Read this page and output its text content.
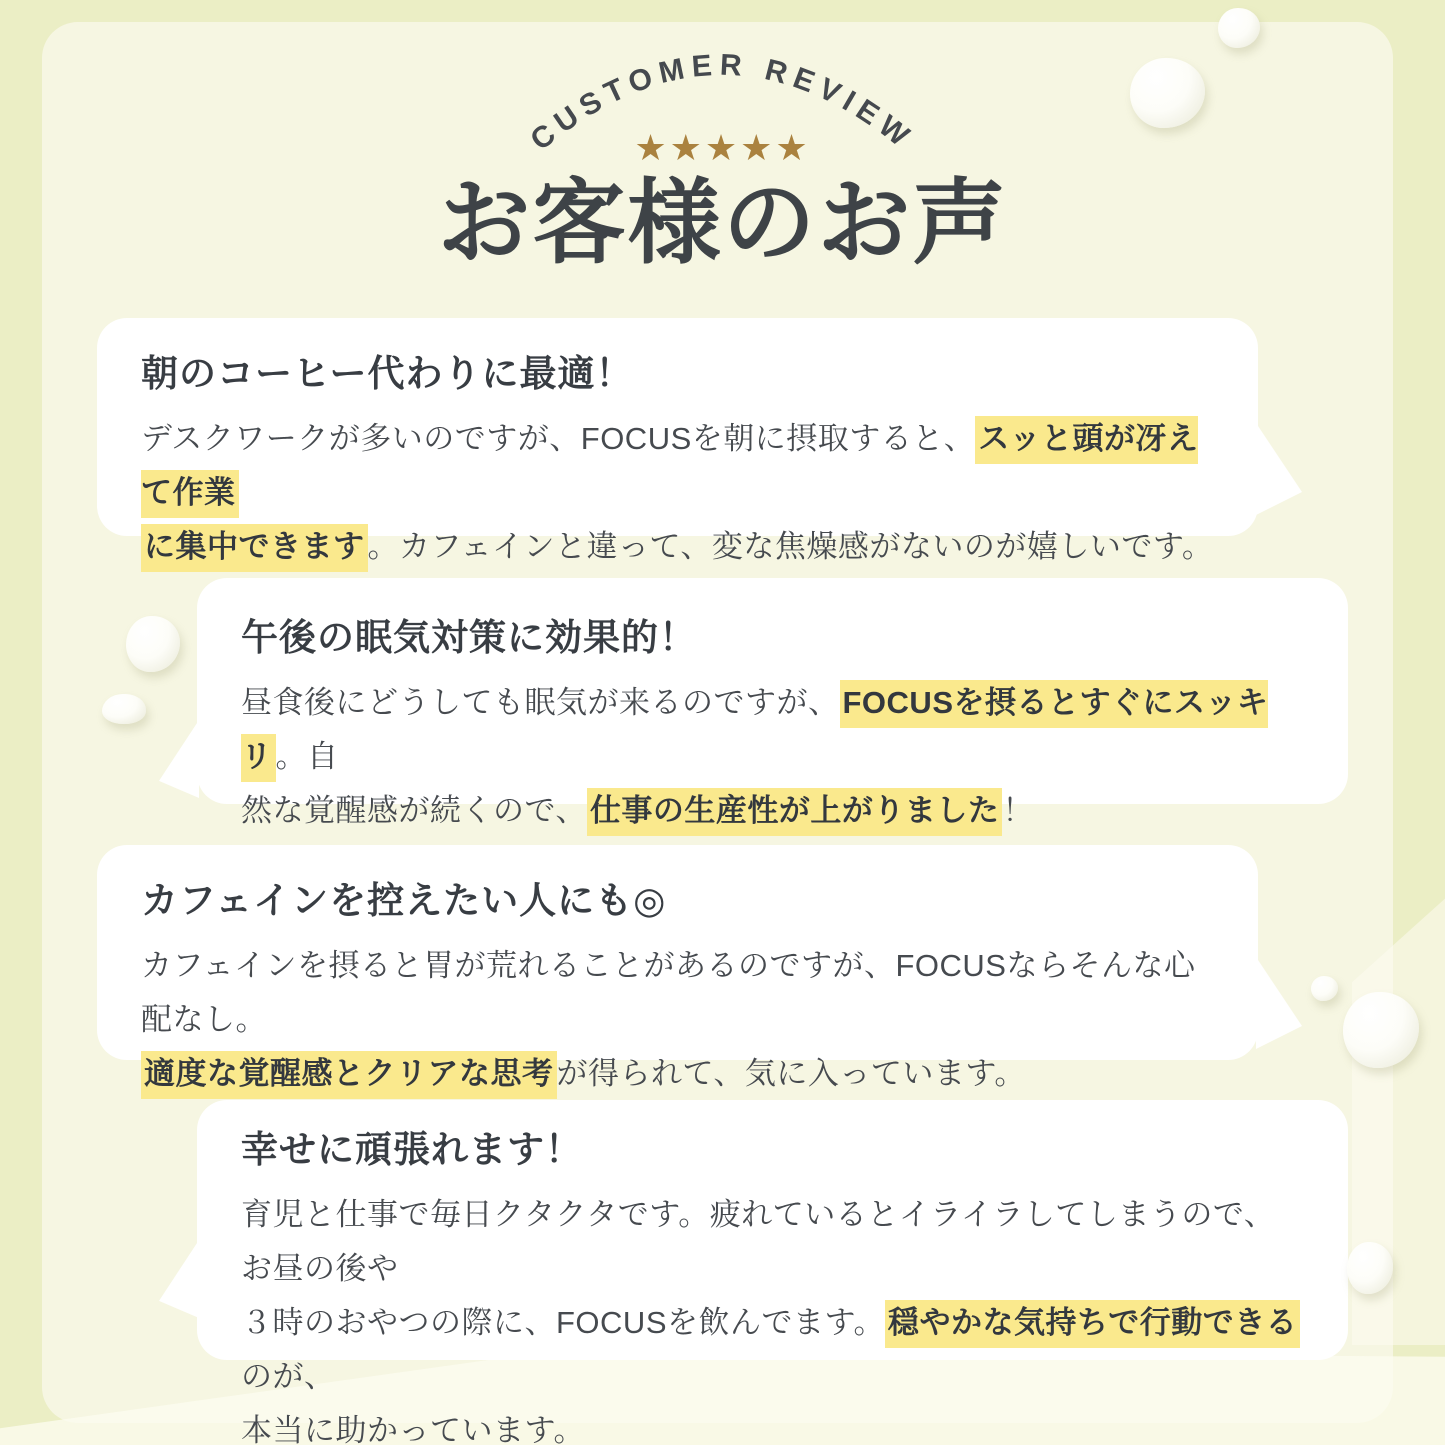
CUSTOMER REVIEW
★★★★★
お客様のお声
朝のコーヒー代わりに最適！

デスクワークが多いのですが、FOCUSを朝に摂取すると、スッと頭が冴えて作業
に集中できます。カフェインと違って、変な焦燥感がないのが嬉しいです。

午後の眠気対策に効果的！

昼食後にどうしても眠気が来るのですが、FOCUSを摂るとすぐにスッキリ。自
然な覚醒感が続くので、仕事の生産性が上がりました！

カフェインを控えたい人にも◎

カフェインを摂ると胃が荒れることがあるのですが、FOCUSならそんな心配なし。
適度な覚醒感とクリアな思考が得られて、気に入っています。

幸せに頑張れます！

育児と仕事で毎日クタクタです。疲れているとイライラしてしまうので、お昼の後や
３時のおやつの際に、FOCUSを飲んでます。穏やかな気持ちで行動できるのが、
本当に助かっています。
